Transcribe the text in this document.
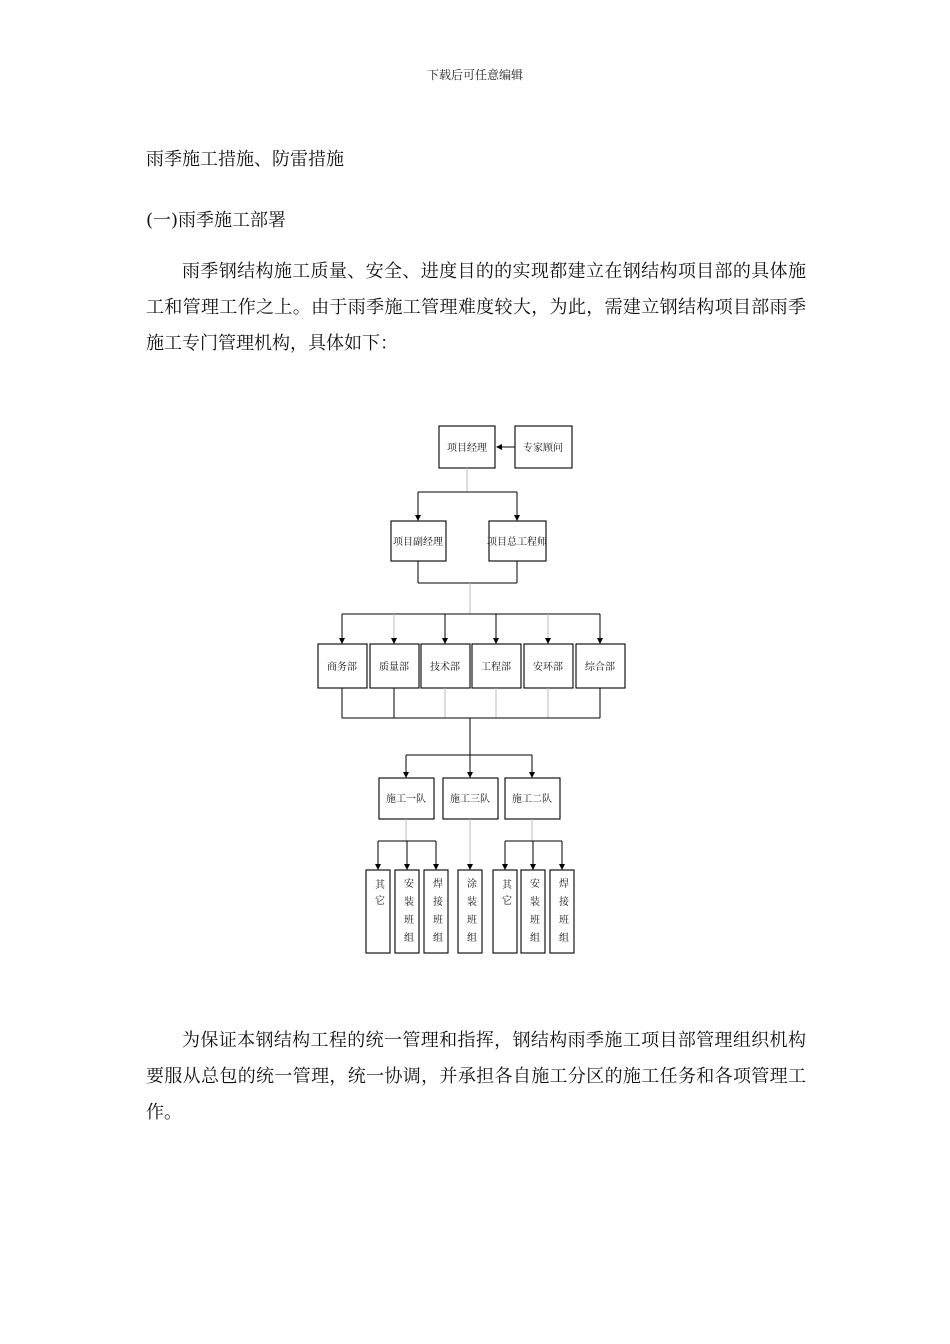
下载后可任意编辑
雨季施工措施、防雷措施
(一)雨季施工部署

雨季钢结构施工质量、安全、进度目的的实现都建立在钢结构项目部的具体施工和管理工作之上。由于雨季施工管理难度较大，为此，需建立钢结构项目部雨季施工专门管理机构，具体如下：

项目经理	专家顾问
项目副经理	项目总工程师
商务部 质量部 技术部 工程部 安环部 综合部
施工一队 施工三队 施工二队
其它 安装班组 焊接班组 涂装班组 其它 安装班组 焊接班组

为保证本钢结构工程的统一管理和指挥，钢结构雨季施工项目部管理组织机构要服从总包的统一管理，统一协调，并承担各自施工分区的施工任务和各项管理工作。
